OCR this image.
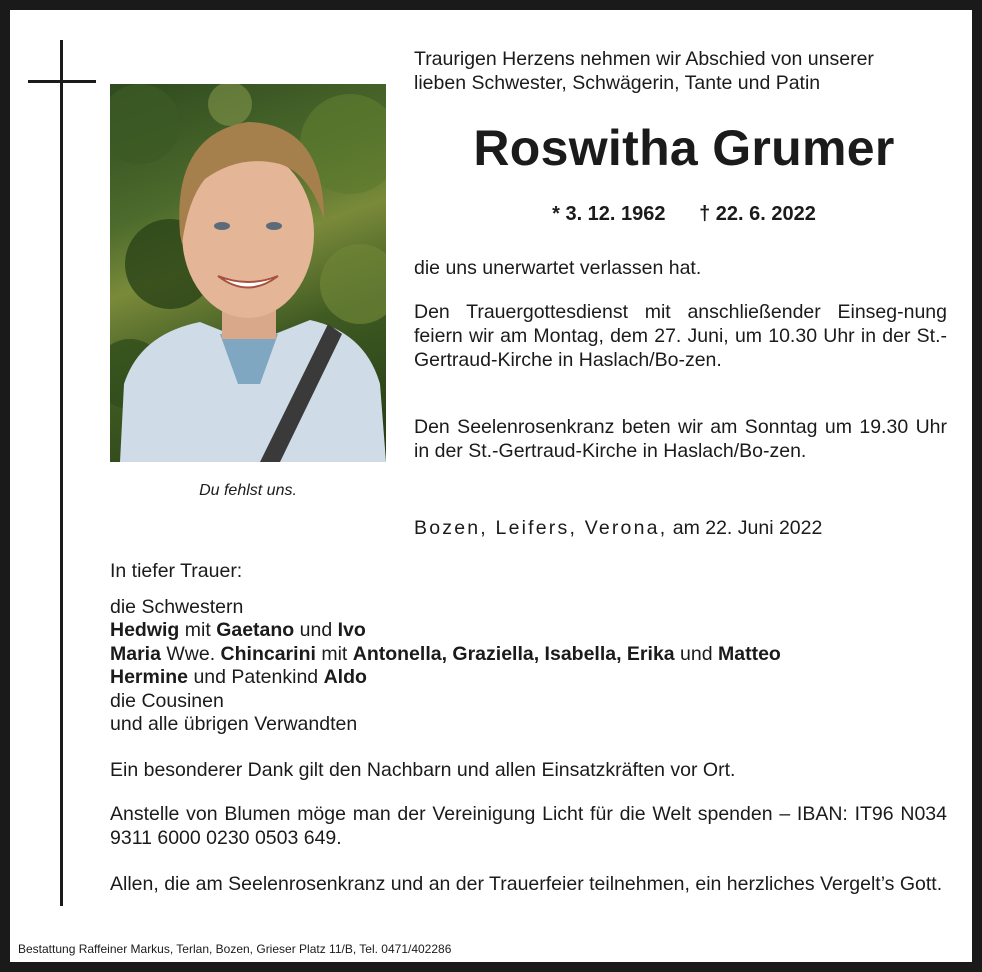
Du fehlst uns.
Traurigen Herzens nehmen wir Abschied von unserer
lieben Schwester, Schwägerin, Tante und Patin
Roswitha Grumer
* 3. 12. 1962 † 22. 6. 2022
die uns unerwartet verlassen hat.
Den Trauergottesdienst mit anschließender Einseg-nung feiern wir am Montag, dem 27. Juni, um 10.30 Uhr in der St.-Gertraud-Kirche in Haslach/Bo-zen.
Den Seelenrosenkranz beten wir am Sonntag um 19.30 Uhr in der St.-Gertraud-Kirche in Haslach/Bo-zen.
Bozen, Leifers, Verona, am 22. Juni 2022
In tiefer Trauer:
die Schwestern
Hedwig mit Gaetano und Ivo
Maria Wwe. Chincarini mit Antonella, Graziella, Isabella, Erika und Matteo
Hermine und Patenkind Aldo
die Cousinen
und alle übrigen Verwandten
Ein besonderer Dank gilt den Nachbarn und allen Einsatzkräften vor Ort.
Anstelle von Blumen möge man der Vereinigung Licht für die Welt spenden – IBAN: IT96 N034 9311 6000 0230 0503 649.
Allen, die am Seelenrosenkranz und an der Trauerfeier teilnehmen, ein herzliches Vergelt’s Gott.
Bestattung Raffeiner Markus, Terlan, Bozen, Grieser Platz 11/B, Tel. 0471/402286
